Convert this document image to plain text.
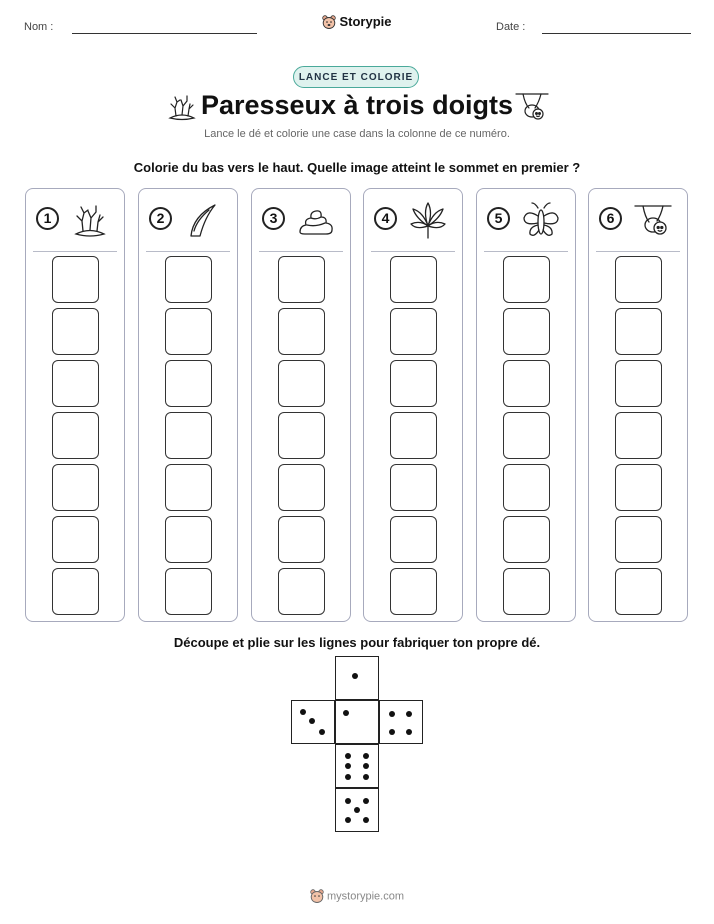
Nom :	Storypie	Date :
LANCE ET COLORIE
Paresseux à trois doigts
Lance le dé et colorie une case dans la colonne de ce numéro.
Colorie du bas vers le haut. Quelle image atteint le sommet en premier ?
1	2	3	4	5	6
Découpe et plie sur les lignes pour fabriquer ton propre dé.
mystorypie.com
